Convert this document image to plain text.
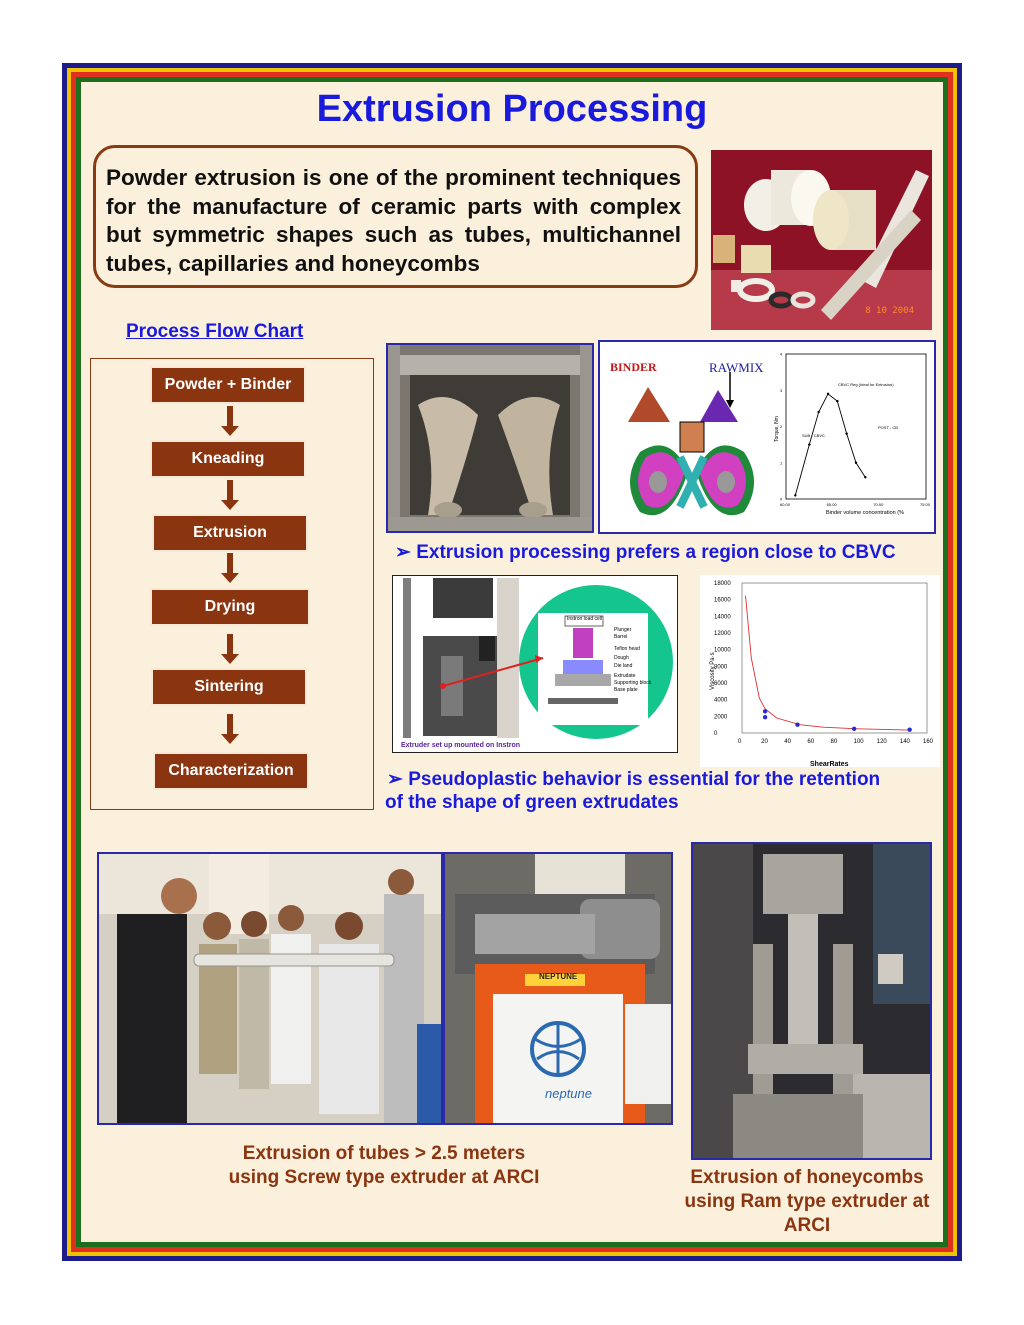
Extrusion Processing
Powder extrusion is one of the prominent techniques for the manufacture of ceramic parts with complex but symmetric shapes such as tubes, multichannel tubes, capillaries and honeycombs
8 10 2004
Process Flow Chart
Powder + Binder
Kneading
Extrusion
Drying
Sintering
Characterization
BINDER	RAWMIX
60.00	65.00	70.00	75.00
0
1
2
3
4
Binder volume concentration (%
Torque, Nm
CBVC Reg (Ideal for Extrusion)
SUB - CBVC
POST - CB
➢ Extrusion processing prefers a region close to CBVC
Instron load cell
Plunger
Barrel
Teflon head
Dough
Die land
Extrudate
Supporting block
Base plate
Extruder set up mounted on Instron	0	20	40	60	80	100 120 140 160
0
2000
4000
6000
8000
10000
12000
14000
16000
18000
ShearRates
Viscosity Pa·s
➢ Pseudoplastic behavior is essential for the retention
of the shape of green extrudates
NEPTUNE
neptune
Extrusion of tubes > 2.5 meters
using Screw type extruder at ARCI	Extrusion of honeycombs
using Ram type extruder at
ARCI
